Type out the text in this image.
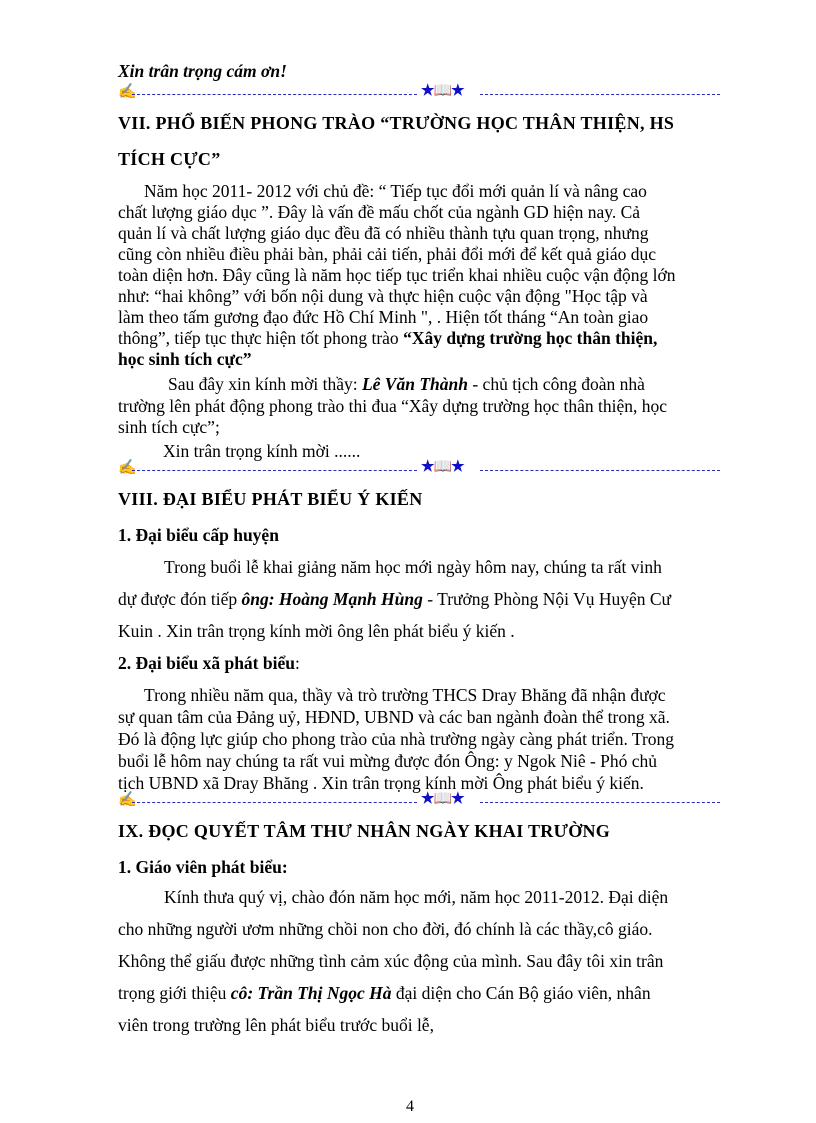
Xin trân trọng cám ơn!
✍	★📖★
VII. PHỔ BIẾN PHONG TRÀO “TRƯỜNG HỌC THÂN THIỆN, HS
TÍCH CỰC”
Năm học 2011- 2012 với chủ đề: “ Tiếp tục đổi mới quản lí và nâng cao
chất lượng giáo dục ”. Đây là vấn đề mấu chốt của ngành GD hiện nay. Cả
quản lí và chất lượng giáo dục đều đã có nhiều thành tựu quan trọng, nhưng
cũng còn nhiều điều phải bàn, phải cải tiến, phải đổi mới để kết quả giáo dục
toàn diện hơn. Đây cũng là năm học tiếp tục triển khai nhiều cuộc vận động lớn
như: “hai không” với bốn nội dung và thực hiện cuộc vận động "Học tập và
làm theo tấm gương đạo đức Hồ Chí Minh ", . Hiện tốt tháng “An toàn giao
thông”, tiếp tục thực hiện tốt phong trào “Xây dựng trường học thân thiện,
học sinh tích cực”
Sau đây xin kính mời thầy: Lê Văn Thành - chủ tịch công đoàn nhà
trường lên phát động phong trào thi đua “Xây dựng trường học thân thiện, học
sinh tích cực”;
Xin trân trọng kính mời ......
✍	★📖★
VIII. ĐẠI BIỂU PHÁT BIỂU Ý KIẾN
1. Đại biểu cấp huyện
Trong buổi lễ khai giảng năm học mới ngày hôm nay, chúng ta rất vinh
dự được đón tiếp ông: Hoàng Mạnh Hùng - Trưởng Phòng Nội Vụ Huyện Cư
Kuin . Xin trân trọng kính mời ông lên phát biểu ý kiến .
2. Đại biểu xã phát biểu:
Trong nhiều năm qua, thầy và trò trường THCS Dray Bhăng đã nhận được
sự quan tâm của Đảng uỷ, HĐND, UBND và các ban ngành đoàn thể trong xã.
Đó là động lực giúp cho phong trào của nhà trường ngày càng phát triển. Trong
buổi lễ hôm nay chúng ta rất vui mừng được đón Ông: y Ngok Niê - Phó chủ
tịch UBND xã Dray Bhăng . Xin trân trọng kính mời Ông phát biểu ý kiến.
✍	★📖★
IX. ĐỌC QUYẾT TÂM THƯ NHÂN NGÀY KHAI TRƯỜNG
1. Giáo viên phát biểu:
Kính thưa quý vị, chào đón năm học mới, năm học 2011-2012. Đại diện
cho những người ươm những chồi non cho đời, đó chính là các thầy,cô giáo.
Không thể giấu được những tình cảm xúc động của mình. Sau đây tôi xin trân
trọng giới thiệu cô: Trần Thị Ngọc Hà đại diện cho Cán Bộ giáo viên, nhân
viên trong trường lên phát biểu trước buổi lễ,
4
